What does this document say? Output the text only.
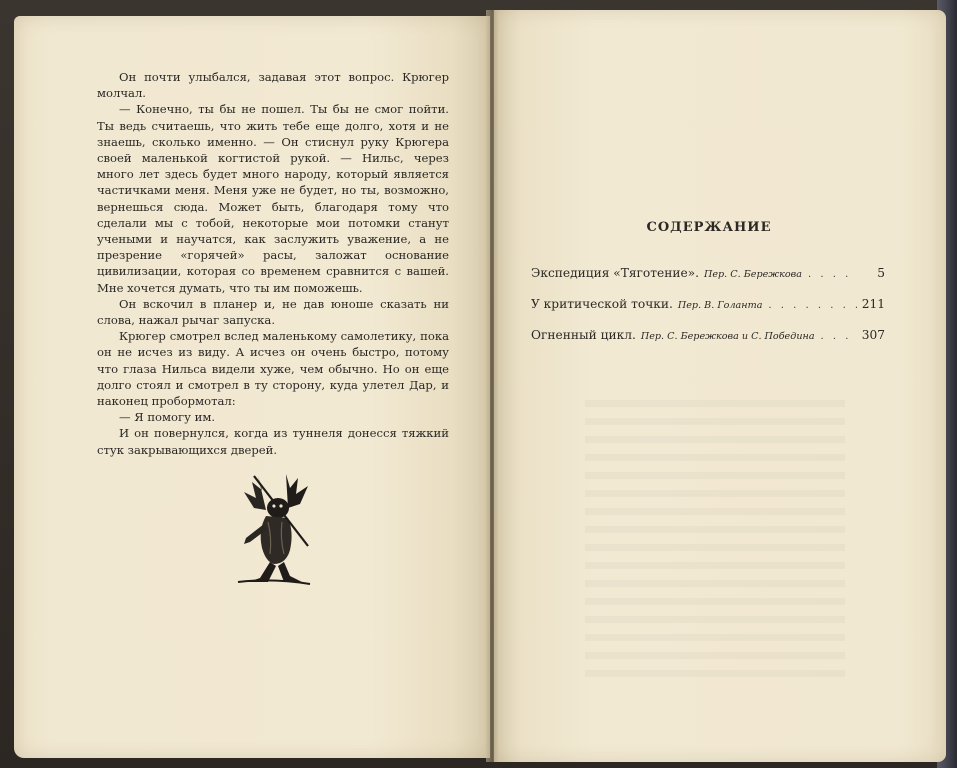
Он почти улыбался, задавая этот вопрос. Крюгер молчал.

— Конечно, ты бы не пошел. Ты бы не смог пойти. Ты ведь считаешь, что жить тебе еще долго, хотя и не знаешь, сколько именно. — Он стиснул руку Крюгера своей маленькой когтистой рукой. — Нильс, через много лет здесь будет много народу, который является частичками меня. Меня уже не будет, но ты, возможно, вернешься сюда. Может быть, благодаря тому что сделали мы с тобой, некоторые мои потомки станут учеными и научатся, как заслужить уважение, а не презрение «горячей» расы, заложат основание цивилизации, которая со временем сравнится с вашей. Мне хочется думать, что ты им поможешь.

Он вскочил в планер и, не дав юноше сказать ни слова, нажал рычаг запуска.

Крюгер смотрел вслед маленькому самолетику, пока он не исчез из виду. А исчез он очень быстро, потому что глаза Нильса видели хуже, чем обычно. Но он еще долго стоял и смотрел в ту сторону, куда улетел Дар, и наконец пробормотал:

— Я помогу им.

И он повернулся, когда из туннеля донесся тяжкий стук закрывающихся дверей.

СОДЕРЖАНИЕ
Экспедиция «Тяготение». Пер. С. Бережкова . . .	5
У критической точки. Пер. В. Голанта . . .	211
Огненный цикл. Пер. С. Бережкова и С. Победина . . .	307
